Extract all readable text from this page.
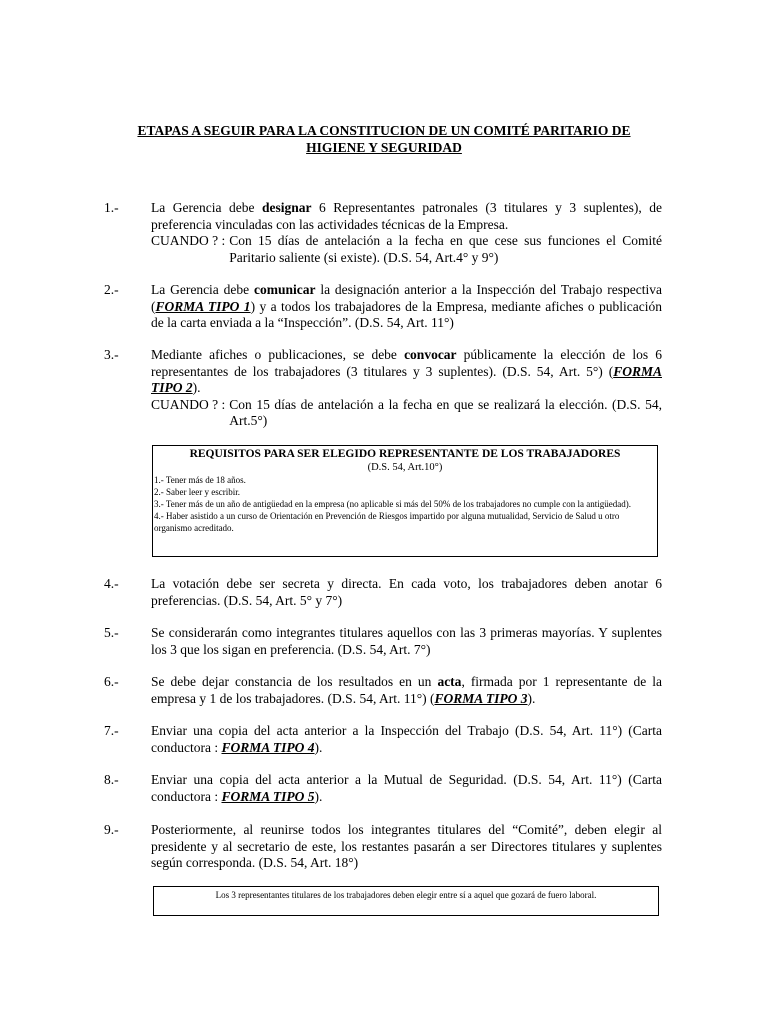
ETAPAS A SEGUIR PARA LA CONSTITUCION DE UN COMITÉ PARITARIO DE
HIGIENE Y SEGURIDAD
1.-	La Gerencia debe designar 6 Representantes patronales (3 titulares y 3 suplentes), de preferencia vinculadas con las actividades técnicas de la Empresa.

CUANDO ? : Con 15 días de antelación a la fecha en que cese sus funciones el Comité Paritario saliente (si existe). (D.S. 54, Art.4° y 9°)
2.-	La Gerencia debe comunicar la designación anterior a la Inspección del Trabajo respectiva (FORMA TIPO 1) y a todos los trabajadores de la Empresa, mediante afiches o publicación de la carta enviada a la “Inspección”. (D.S. 54, Art. 11°)

3.-	Mediante afiches o publicaciones, se debe convocar públicamente la elección de los 6 representantes de los trabajadores (3 titulares y 3 suplentes). (D.S. 54, Art. 5°) (FORMA TIPO 2).

CUANDO ? : Con 15 días de antelación a la fecha en que se realizará la elección. (D.S. 54, Art.5°)
REQUISITOS PARA SER ELEGIDO REPRESENTANTE DE LOS TRABAJADORES
(D.S. 54, Art.10°)
1.- Tener más de 18 años.
2.- Saber leer y escribir.
3.- Tener más de un año de antigüedad en la empresa (no aplicable si más del 50% de los trabajadores no cumple con la antigüedad).
4.- Haber asistido a un curso de Orientación en Prevención de Riesgos impartido por alguna mutualidad, Servicio de Salud u otro organismo acreditado.
4.-	La votación debe ser secreta y directa. En cada voto, los trabajadores deben anotar 6 preferencias. (D.S. 54, Art. 5° y 7°)

5.-	Se considerarán como integrantes titulares aquellos con las 3 primeras mayorías. Y suplentes los 3 que los sigan en preferencia. (D.S. 54, Art. 7°)

6.-	Se debe dejar constancia de los resultados en un acta, firmada por 1 representante de la empresa y 1 de los trabajadores. (D.S. 54, Art. 11°) (FORMA TIPO 3).

7.-	Enviar una copia del acta anterior a la Inspección del Trabajo (D.S. 54, Art. 11°) (Carta conductora : FORMA TIPO 4).

8.-	Enviar una copia del acta anterior a la Mutual de Seguridad. (D.S. 54, Art. 11°) (Carta conductora : FORMA TIPO 5).

9.-	Posteriormente, al reunirse todos los integrantes titulares del “Comité”, deben elegir al presidente y al secretario de este, los restantes pasarán a ser Directores titulares y suplentes según corresponda. (D.S. 54, Art. 18°)

Los 3 representantes titulares de los trabajadores deben elegir entre sí a aquel que gozará de fuero laboral.
